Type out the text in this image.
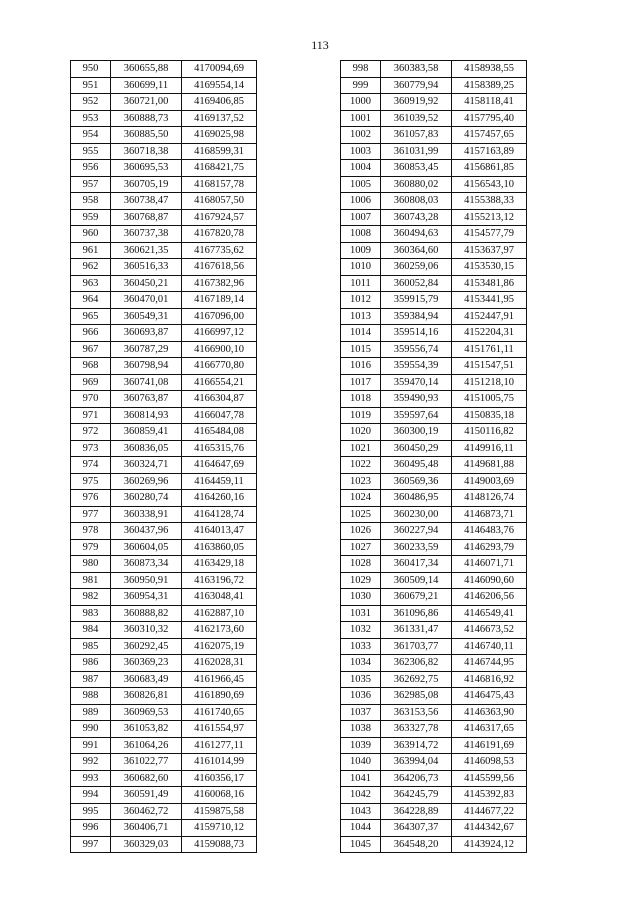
113
950	360655,88	4170094,69
951	360699,11	4169554,14
952	360721,00	4169406,85
953	360888,73	4169137,52
954	360885,50	4169025,98
955	360718,38	4168599,31
956	360695,53	4168421,75
957	360705,19	4168157,78
958	360738,47	4168057,50
959	360768,87	4167924,57
960	360737,38	4167820,78
961	360621,35	4167735,62
962	360516,33	4167618,56
963	360450,21	4167382,96
964	360470,01	4167189,14
965	360549,31	4167096,00
966	360693,87	4166997,12
967	360787,29	4166900,10
968	360798,94	4166770,80
969	360741,08	4166554,21
970	360763,87	4166304,87
971	360814,93	4166047,78
972	360859,41	4165484,08
973	360836,05	4165315,76
974	360324,71	4164647,69
975	360269,96	4164459,11
976	360280,74	4164260,16
977	360338,91	4164128,74
978	360437,96	4164013,47
979	360604,05	4163860,05
980	360873,34	4163429,18
981	360950,91	4163196,72
982	360954,31	4163048,41
983	360888,82	4162887,10
984	360310,32	4162173,60
985	360292,45	4162075,19
986	360369,23	4162028,31
987	360683,49	4161966,45
988	360826,81	4161890,69
989	360969,53	4161740,65
990	361053,82	4161554,97
991	361064,26	4161277,11
992	361022,77	4161014,99
993	360682,60	4160356,17
994	360591,49	4160068,16
995	360462,72	4159875,58
996	360406,71	4159710,12
997	360329,03	4159088,73
998	360383,58	4158938,55
999	360779,94	4158389,25
1000	360919,92	4158118,41
1001	361039,52	4157795,40
1002	361057,83	4157457,65
1003	361031,99	4157163,89
1004	360853,45	4156861,85
1005	360880,02	4156543,10
1006	360808,03	4155388,33
1007	360743,28	4155213,12
1008	360494,63	4154577,79
1009	360364,60	4153637,97
1010	360259,06	4153530,15
1011	360052,84	4153481,86
1012	359915,79	4153441,95
1013	359384,94	4152447,91
1014	359514,16	4152204,31
1015	359556,74	4151761,11
1016	359554,39	4151547,51
1017	359470,14	4151218,10
1018	359490,93	4151005,75
1019	359597,64	4150835,18
1020	360300,19	4150116,82
1021	360450,29	4149916,11
1022	360495,48	4149681,88
1023	360569,36	4149003,69
1024	360486,95	4148126,74
1025	360230,00	4146873,71
1026	360227,94	4146483,76
1027	360233,59	4146293,79
1028	360417,34	4146071,71
1029	360509,14	4146090,60
1030	360679,21	4146206,56
1031	361096,86	4146549,41
1032	361331,47	4146673,52
1033	361703,77	4146740,11
1034	362306,82	4146744,95
1035	362692,75	4146816,92
1036	362985,08	4146475,43
1037	363153,56	4146363,90
1038	363327,78	4146317,65
1039	363914,72	4146191,69
1040	363994,04	4146098,53
1041	364206,73	4145599,56
1042	364245,79	4145392,83
1043	364228,89	4144677,22
1044	364307,37	4144342,67
1045	364548,20	4143924,12
